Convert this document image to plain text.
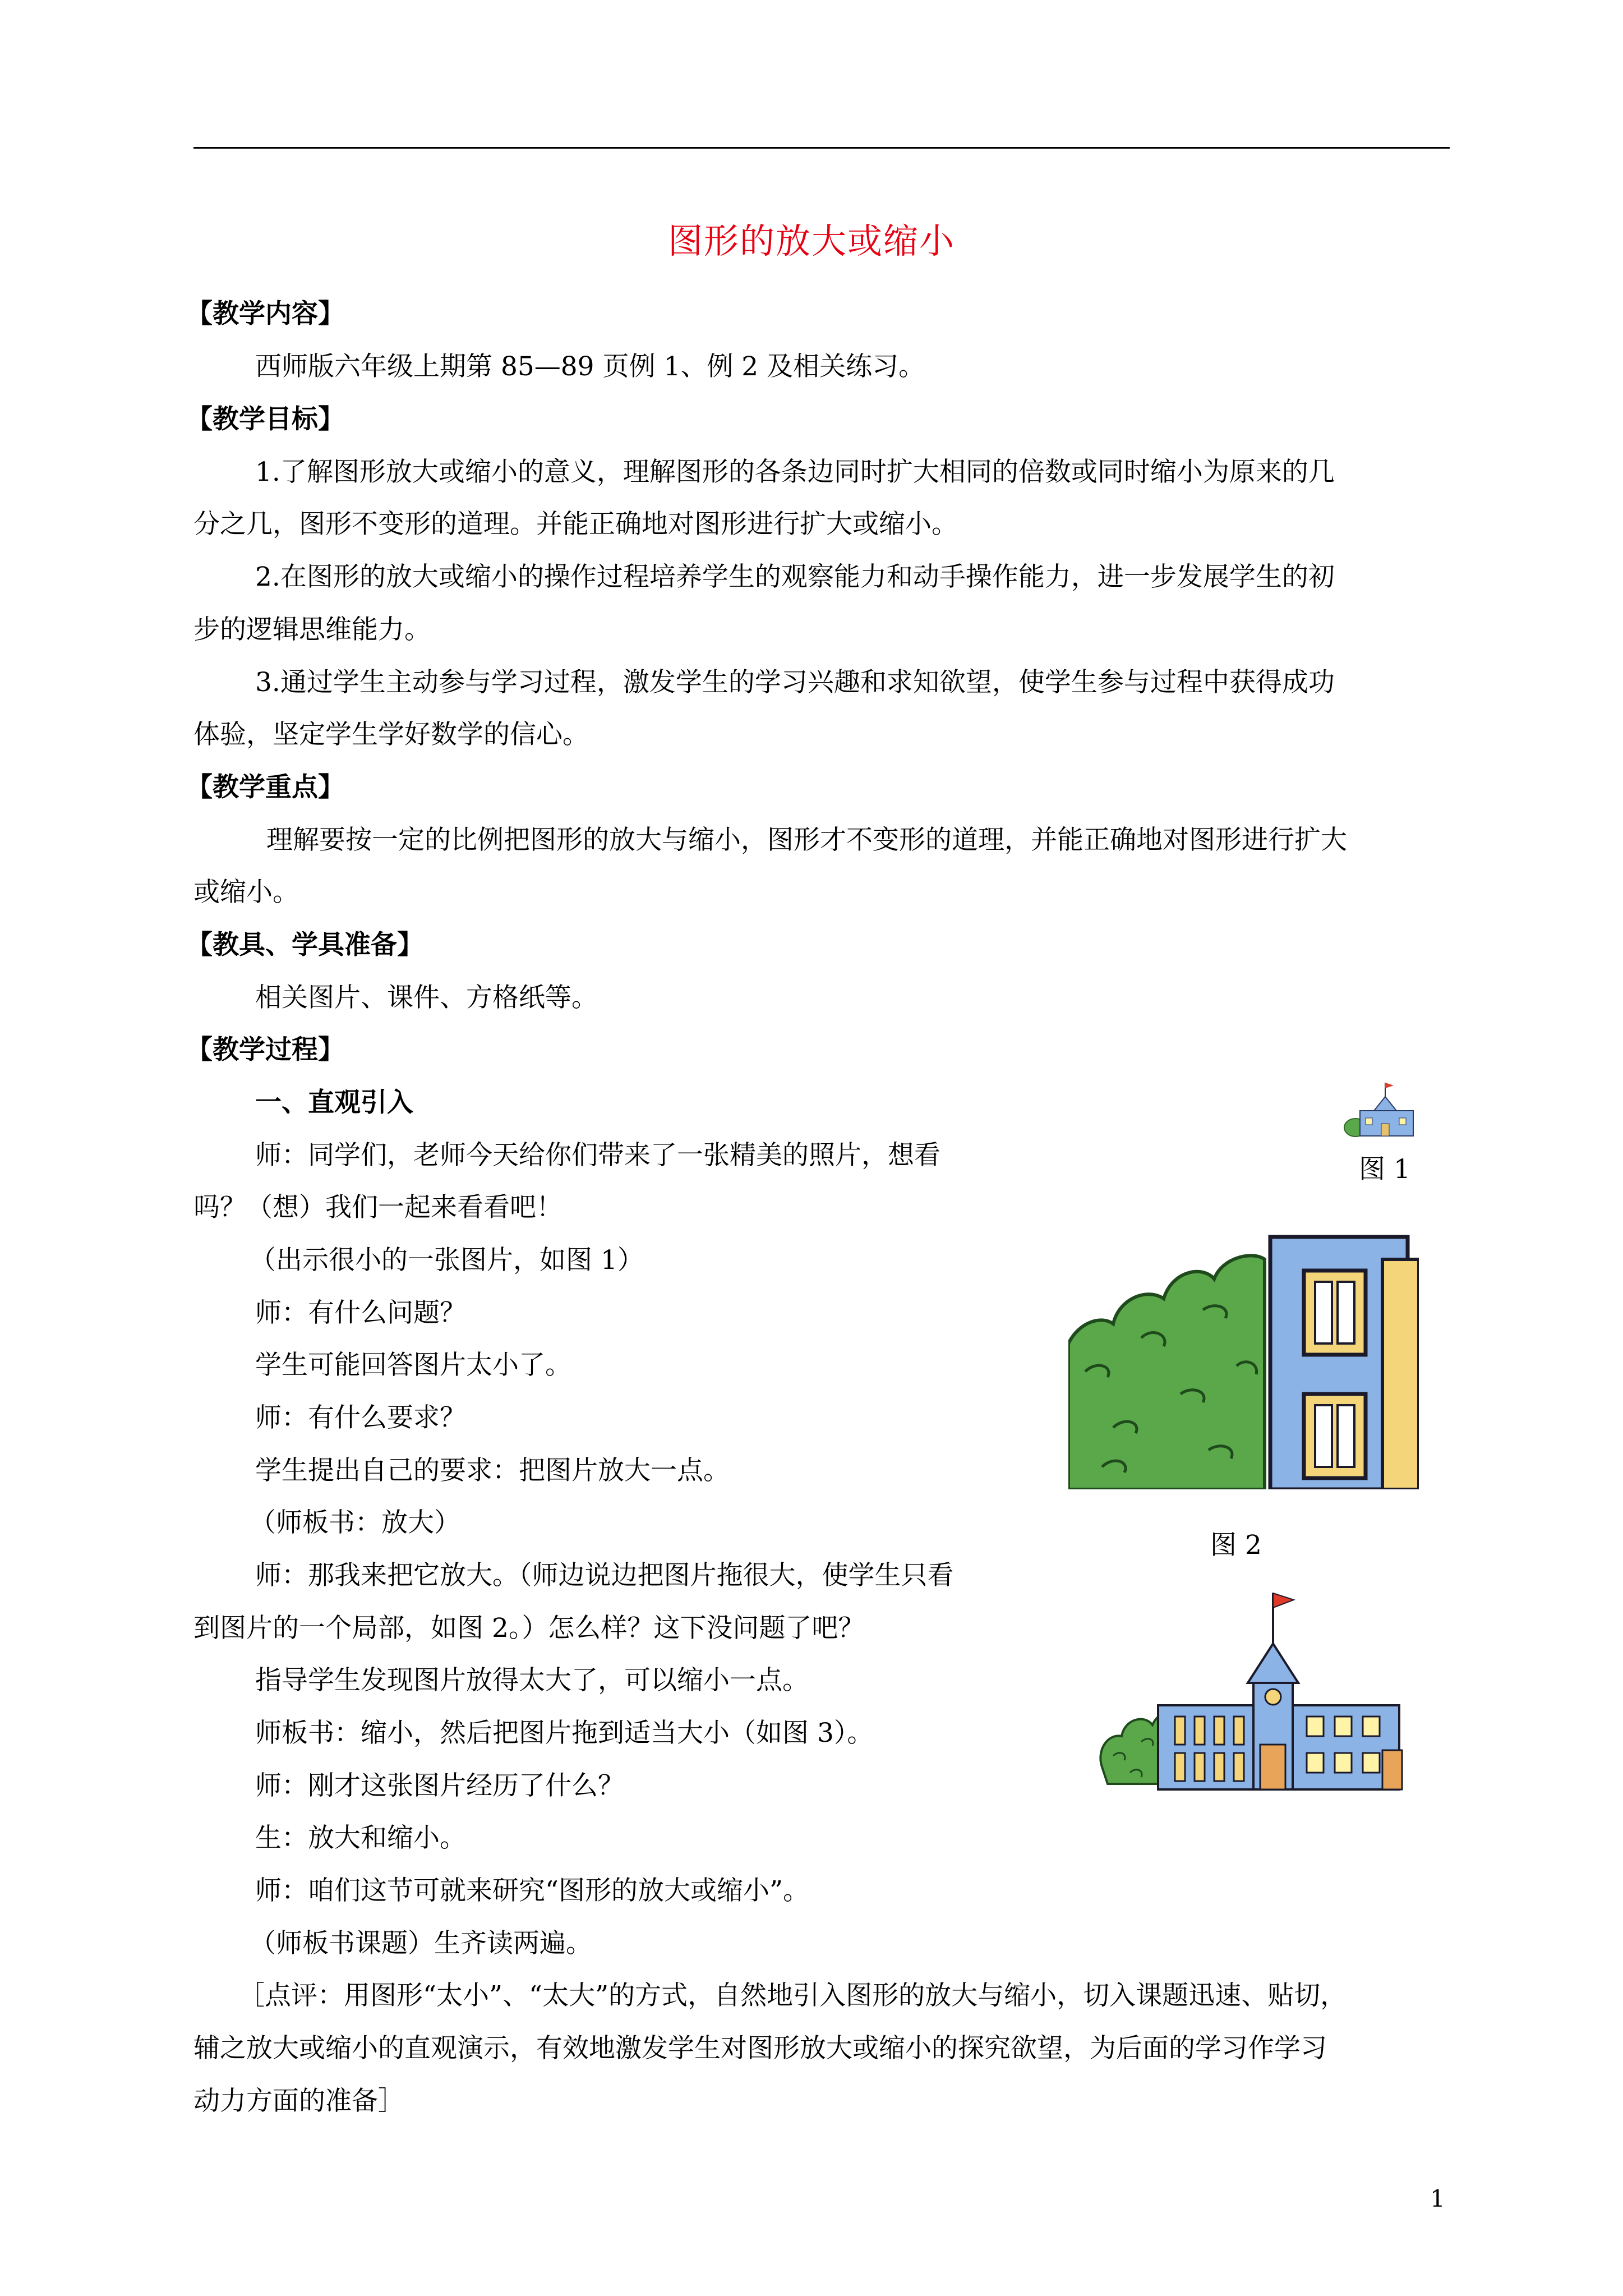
图形的放大或缩小
【教学内容】
西师版六年级上期第 85—89 页例 1、例 2 及相关练习。
【教学目标】
1.了解图形放大或缩小的意义，理解图形的各条边同时扩大相同的倍数或同时缩小为原来的几
分之几，图形不变形的道理。并能正确地对图形进行扩大或缩小。
2.在图形的放大或缩小的操作过程培养学生的观察能力和动手操作能力，进一步发展学生的初
步的逻辑思维能力。
3.通过学生主动参与学习过程，激发学生的学习兴趣和求知欲望，使学生参与过程中获得成功
体验，坚定学生学好数学的信心。
【教学重点】
理解要按一定的比例把图形的放大与缩小，图形才不变形的道理，并能正确地对图形进行扩大
或缩小。
【教具、学具准备】
相关图片、课件、方格纸等。
【教学过程】
一、直观引入
师：同学们，老师今天给你们带来了一张精美的照片，想看
吗？（想）我们一起来看看吧！
（出示很小的一张图片，如图 1）
师：有什么问题？
学生可能回答图片太小了。
师：有什么要求？
学生提出自己的要求：把图片放大一点。
（师板书：放大）
师：那我来把它放大。（师边说边把图片拖很大，使学生只看
到图片的一个局部，如图 2。）怎么样？这下没问题了吧？
指导学生发现图片放得太大了，可以缩小一点。
师板书：缩小，然后把图片拖到适当大小（如图 3）。
师：刚才这张图片经历了什么？
生：放大和缩小。
师：咱们这节可就来研究“图形的放大或缩小”。
（师板书课题）生齐读两遍。
［点评：用图形“太小”、“太大”的方式，自然地引入图形的放大与缩小，切入课题迅速、贴切，
辅之放大或缩小的直观演示，有效地激发学生对图形放大或缩小的探究欲望，为后面的学习作学习
动力方面的准备］
图 1
图 2
1
